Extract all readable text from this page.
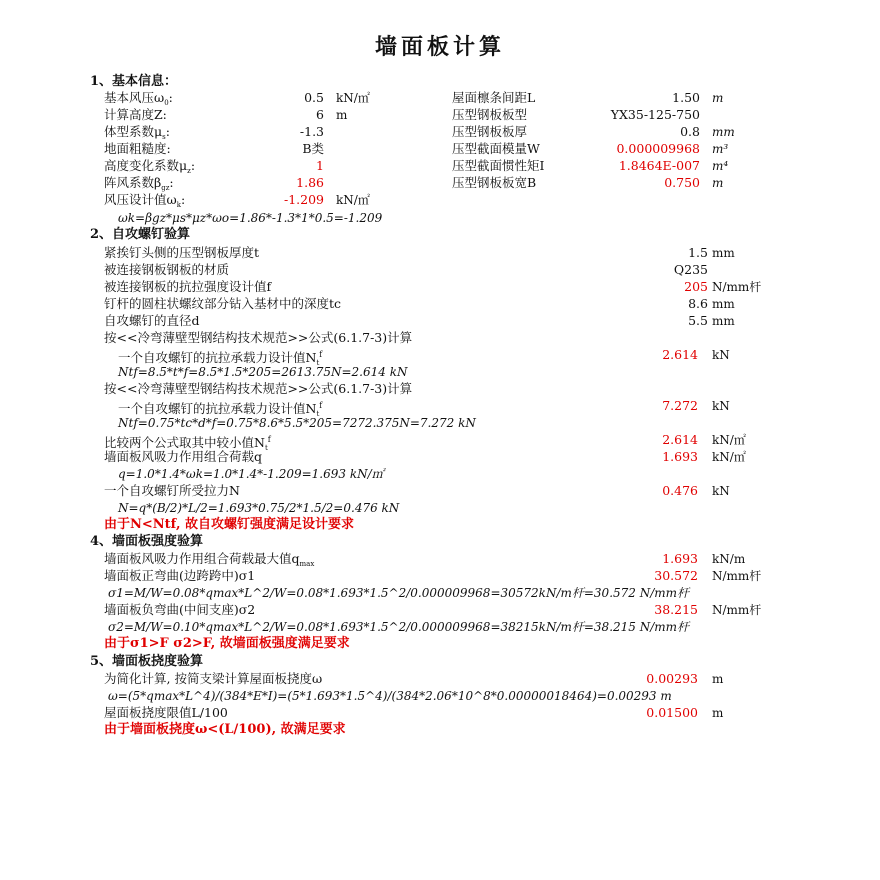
墙面板计算
1、基本信息：
基本风压$\omega_0$:	0.5 kN/㎡
计算高度Z:	6 m
体型系数$\mu_s$:	-1.3
地面粗糙度:	B类
高度变化系数$\mu_z$:	1
阵风系数$\beta_{gz}$:	1.86
风压设计值$\omega_k$:	-1.209 kN/㎡
屋面檩条间距L	1.50 m
压型钢板板型	YX35-125-750
压型钢板板厚	0.8 mm
压型截面模量W	0.000009968 m³
压型截面惯性矩I	1.8464E-007 m⁴
压型钢板板宽B	0.750 m
ωk=βgz*μs*μz*ωo=1.86*-1.3*1*0.5=-1.209
2、自攻螺钉验算
紧挨钉头侧的压型钢板厚度t	1.5 mm
被连接钢板钢板的材质	Q235
被连接钢板的抗拉强度设计值f	205 N/mm杆
钉杆的圆柱状螺纹部分钻入基材中的深度tc	8.6 mm
自攻螺钉的直径d	5.5 mm
按<<冷弯薄壁型钢结构技术规范>>公式(6.1.7-3)计算
一个自攻螺钉的抗拉承载力设计值$N_t^f$	2.614 kN
Ntf=8.5*t*f=8.5*1.5*205=2613.75N=2.614 kN
按<<冷弯薄壁型钢结构技术规范>>公式(6.1.7-3)计算
一个自攻螺钉的抗拉承载力设计值$N_t^f$	7.272 kN
Ntf=0.75*tc*d*f=0.75*8.6*5.5*205=7272.375N=7.272 kN
比较两个公式取其中较小值$N_t^f$	2.614 kN/㎡
墙面板风吸力作用组合荷载q	1.693 kN/㎡
q=1.0*1.4*ωk=1.0*1.4*-1.209=1.693 kN/㎡
一个自攻螺钉所受拉力N	0.476 kN
N=q*(B/2)*L/2=1.693*0.75/2*1.5/2=0.476 kN
由于N<Ntf, 故自攻螺钉强度满足设计要求
4、墙面板强度验算
墙面板风吸力作用组合荷载最大值$q_{max}$	1.693 kN/m
墙面板正弯曲(边跨跨中)σ1	30.572 N/mm杆
σ1=M/W=0.08*qmax*L^2/W=0.08*1.693*1.5^2/0.000009968=30572kN/m杆=30.572 N/mm杆
墙面板负弯曲(中间支座)σ2	38.215 N/mm杆
σ2=M/W=0.10*qmax*L^2/W=0.08*1.693*1.5^2/0.000009968=38215kN/m杆=38.215 N/mm杆
由于σ1>F σ2>F, 故墙面板强度满足要求
5、墙面板挠度验算
为简化计算, 按简支梁计算屋面板挠度ω	0.00293 m
ω=(5*qmax*L^4)/(384*E*I)=(5*1.693*1.5^4)/(384*2.06*10^8*0.00000018464)=0.00293 m
屋面板挠度限值L/100	0.01500 m
由于墙面板挠度ω<(L/100), 故满足要求
